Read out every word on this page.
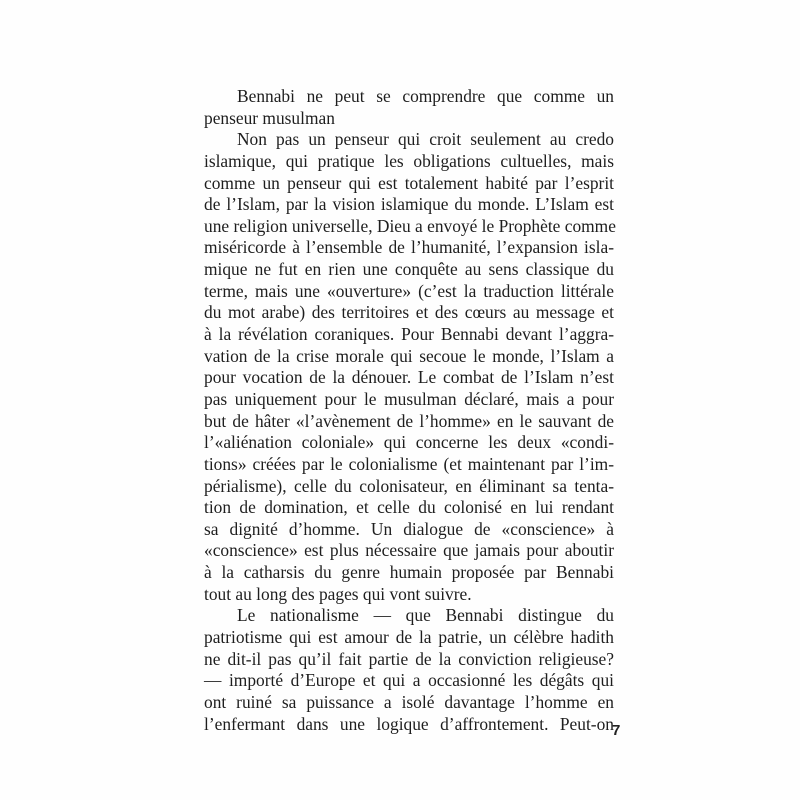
Bennabi ne peut se comprendre que comme un
penseur musulman
Non pas un penseur qui croit seulement au credo
islamique, qui pratique les obligations cultuelles, mais
comme un penseur qui est totalement habité par l’esprit
de l’Islam, par la vision islamique du monde. L’Islam est
une religion universelle, Dieu a envoyé le Prophète comme
miséricorde à l’ensemble de l’humanité, l’expansion isla-
mique ne fut en rien une conquête au sens classique du
terme, mais une «ouverture» (c’est la traduction littérale
du mot arabe) des territoires et des cœurs au message et
à la révélation coraniques. Pour Bennabi devant l’aggra-
vation de la crise morale qui secoue le monde, l’Islam a
pour vocation de la dénouer. Le combat de l’Islam n’est
pas uniquement pour le musulman déclaré, mais a pour
but de hâter «l’avènement de l’homme» en le sauvant de
l’«aliénation coloniale» qui concerne les deux «condi-
tions» créées par le colonialisme (et maintenant par l’im-
périalisme), celle du colonisateur, en éliminant sa tenta-
tion de domination, et celle du colonisé en lui rendant
sa dignité d’homme. Un dialogue de «conscience» à
«conscience» est plus nécessaire que jamais pour aboutir
à la catharsis du genre humain proposée par Bennabi
tout au long des pages qui vont suivre.
Le nationalisme — que Bennabi distingue du
patriotisme qui est amour de la patrie, un célèbre hadith
ne dit-il pas qu’il fait partie de la conviction religieuse?
— importé d’Europe et qui a occasionné les dégâts qui
ont ruiné sa puissance a isolé davantage l’homme en
l’enfermant dans une logique d’affrontement. Peut-on
7
